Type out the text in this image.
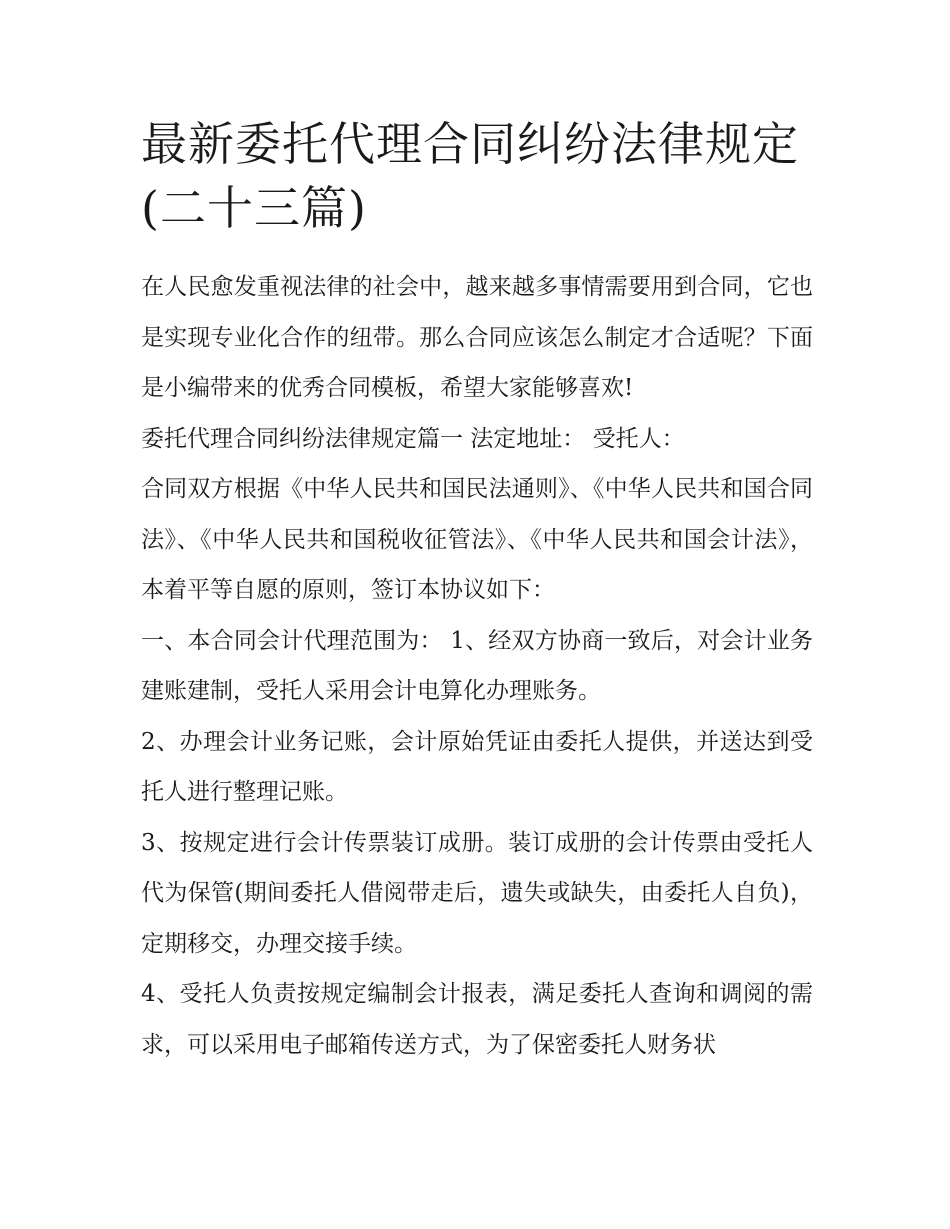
最新委托代理合同纠纷法律规定(二十三篇)

在人民愈发重视法律的社会中，越来越多事情需要用到合同，它也是实现专业化合作的纽带。那么合同应该怎么制定才合适呢？下面是小编带来的优秀合同模板，希望大家能够喜欢!

委托代理合同纠纷法律规定篇一 法定地址： 受托人：

合同双方根据《中华人民共和国民法通则》、《中华人民共和国合同法》、《中华人民共和国税收征管法》、《中华人民共和国会计法》，本着平等自愿的原则，签订本协议如下：

一、本合同会计代理范围为： 1、经双方协商一致后，对会计业务建账建制，受托人采用会计电算化办理账务。

2、办理会计业务记账，会计原始凭证由委托人提供，并送达到受托人进行整理记账。

3、按规定进行会计传票装订成册。装订成册的会计传票由受托人代为保管(期间委托人借阅带走后，遗失或缺失，由委托人自负)，定期移交，办理交接手续。

4、受托人负责按规定编制会计报表，满足委托人查询和调阅的需求，可以采用电子邮箱传送方式，为了保密委托人财务状
